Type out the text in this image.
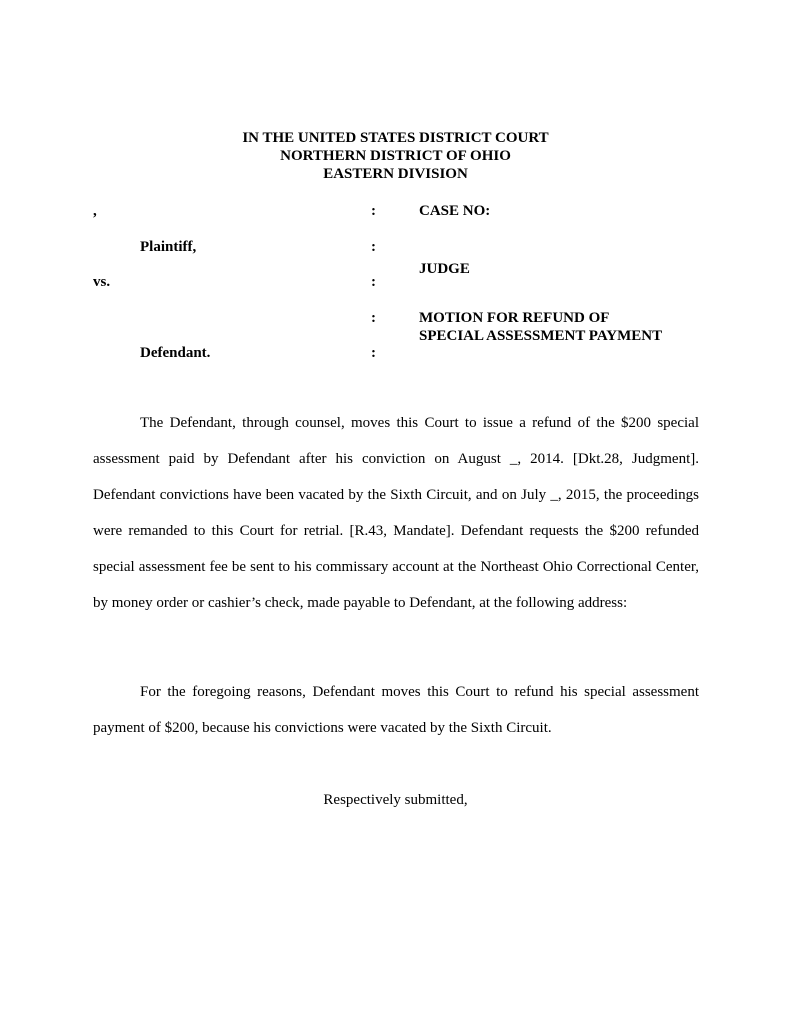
IN THE UNITED STATES DISTRICT COURT
NORTHERN DISTRICT OF OHIO
EASTERN DIVISION
,
Plaintiff,
vs.
Defendant.
:
:
:
:
:
CASE NO:
JUDGE
MOTION FOR REFUND OF
SPECIAL ASSESSMENT PAYMENT

The Defendant, through counsel, moves this Court to issue a refund of the $200 special assessment paid by Defendant after his conviction on August _, 2014. [Dkt.28, Judgment]. Defendant convictions have been vacated by the Sixth Circuit, and on July _, 2015, the proceedings were remanded to this Court for retrial. [R.43, Mandate]. Defendant requests the $200 refunded special assessment fee be sent to his commissary account at the Northeast Ohio Correctional Center, by money order or cashier’s check, made payable to Defendant, at the following address:

For the foregoing reasons, Defendant moves this Court to refund his special assessment payment of $200, because his convictions were vacated by the Sixth Circuit.

Respectively submitted,
